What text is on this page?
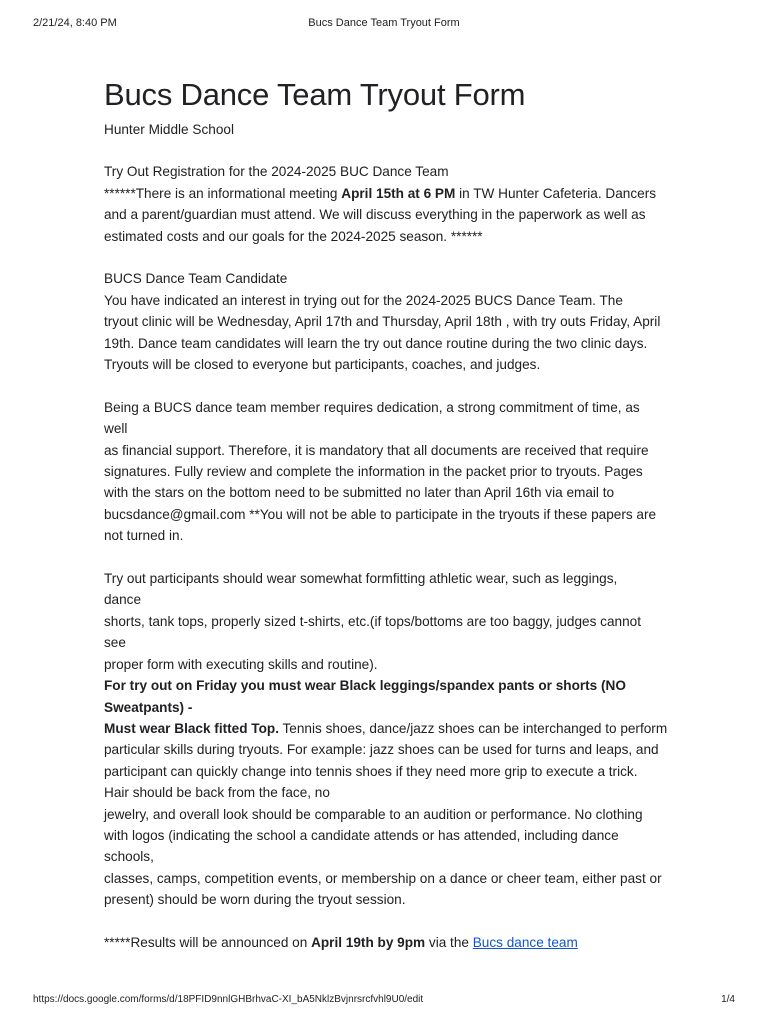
2/21/24, 8:40 PM	Bucs Dance Team Tryout Form
Bucs Dance Team Tryout Form
Hunter Middle School

Try Out Registration for the 2024-2025 BUC Dance Team

******There is an informational meeting April 15th at 6 PM in TW Hunter Cafeteria. Dancers

and a parent/guardian must attend. We will discuss everything in the paperwork as well as

estimated costs and our goals for the 2024-2025 season. ******

BUCS Dance Team Candidate

You have indicated an interest in trying out for the 2024-2025 BUCS Dance Team. The

tryout clinic will be Wednesday, April 17th and Thursday, April 18th , with try outs Friday, April

19th. Dance team candidates will learn the try out dance routine during the two clinic days.

Tryouts will be closed to everyone but participants, coaches, and judges.

Being a BUCS dance team member requires dedication, a strong commitment of time, as

well

as financial support. Therefore, it is mandatory that all documents are received that require

signatures. Fully review and complete the information in the packet prior to tryouts. Pages

with the stars on the bottom need to be submitted no later than April 16th via email to

bucsdance@gmail.com **You will not be able to participate in the tryouts if these papers are

not turned in.

Try out participants should wear somewhat formfitting athletic wear, such as leggings,

dance

shorts, tank tops, properly sized t-shirts, etc.(if tops/bottoms are too baggy, judges cannot

see

proper form with executing skills and routine).

For try out on Friday you must wear Black leggings/spandex pants or shorts (NO

Sweatpants) -

Must wear Black fitted Top. Tennis shoes, dance/jazz shoes can be interchanged to perform

particular skills during tryouts. For example: jazz shoes can be used for turns and leaps, and

participant can quickly change into tennis shoes if they need more grip to execute a trick.

Hair should be back from the face, no

jewelry, and overall look should be comparable to an audition or performance. No clothing

with logos (indicating the school a candidate attends or has attended, including dance

schools,

classes, camps, competition events, or membership on a dance or cheer team, either past or

present) should be worn during the tryout session.

*****Results will be announced on April 19th by 9pm via the Bucs dance team

https://docs.google.com/forms/d/18PFID9nnlGHBrhvaC-XI_bA5NklzBvjnrsrcfvhl9U0/edit	1/4
